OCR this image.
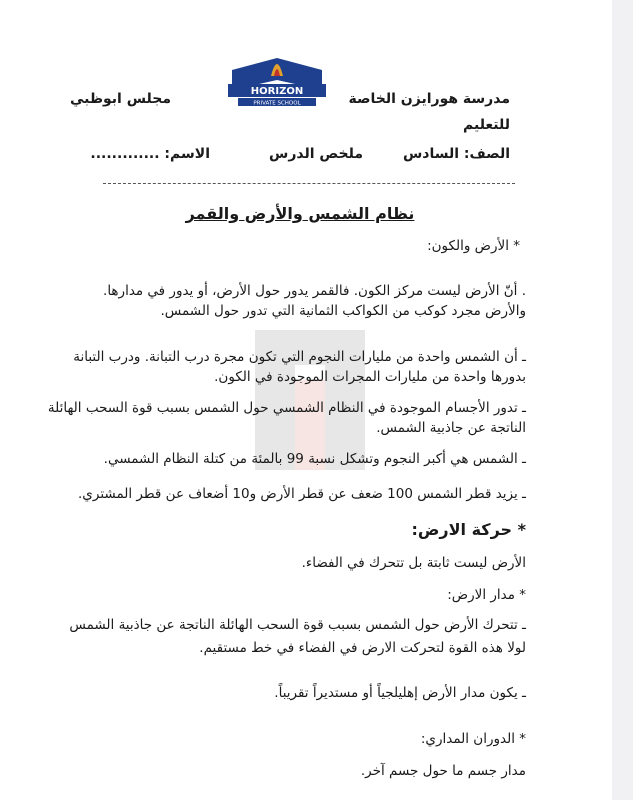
HORIZON
PRIVATE SCHOOL	مدرسة هورايزن الخاصة
مجلس ابوظبي
للتعليم
الصف: السادس
ملخص الدرس
الاسم: .............
نظام الشمس والأرض والقمر
* الأرض والكون:
. أنّ الأرض ليست مركز الكون. فالقمر يدور حول الأرض، أو يدور في مدارها.
والأرض مجرد كوكب من الكواكب الثمانية التي تدور حول الشمس.
ـ أن الشمس واحدة من مليارات النجوم التي تكون مجرة درب التبانة. ودرب التبانة
بدورها واحدة من مليارات المجرات الموجودة في الكون.
ـ تدور الأجسام الموجودة في النظام الشمسي حول الشمس بسبب قوة السحب الهائلة
الناتجة عن جاذبية الشمس.
ـ الشمس هي أكبر النجوم وتشكل نسبة 99 بالمئة من كتلة النظام الشمسي.
ـ يزيد قطر الشمس 100 ضعف عن قطر الأرض و10 أضعاف عن قطر المشتري.
* حركة الارض:
الأرض ليست ثابتة بل تتحرك في الفضاء.
* مدار الارض:
ـ تتحرك الأرض حول الشمس بسبب قوة السحب الهائلة الناتجة عن جاذبية الشمس
لولا هذه القوة لتحركت الارض في الفضاء في خط مستقيم.
ـ يكون مدار الأرض إهليلجياً أو مستديراً تقريباً.
* الدوران المداري:
مدار جسم ما حول جسم آخر.
